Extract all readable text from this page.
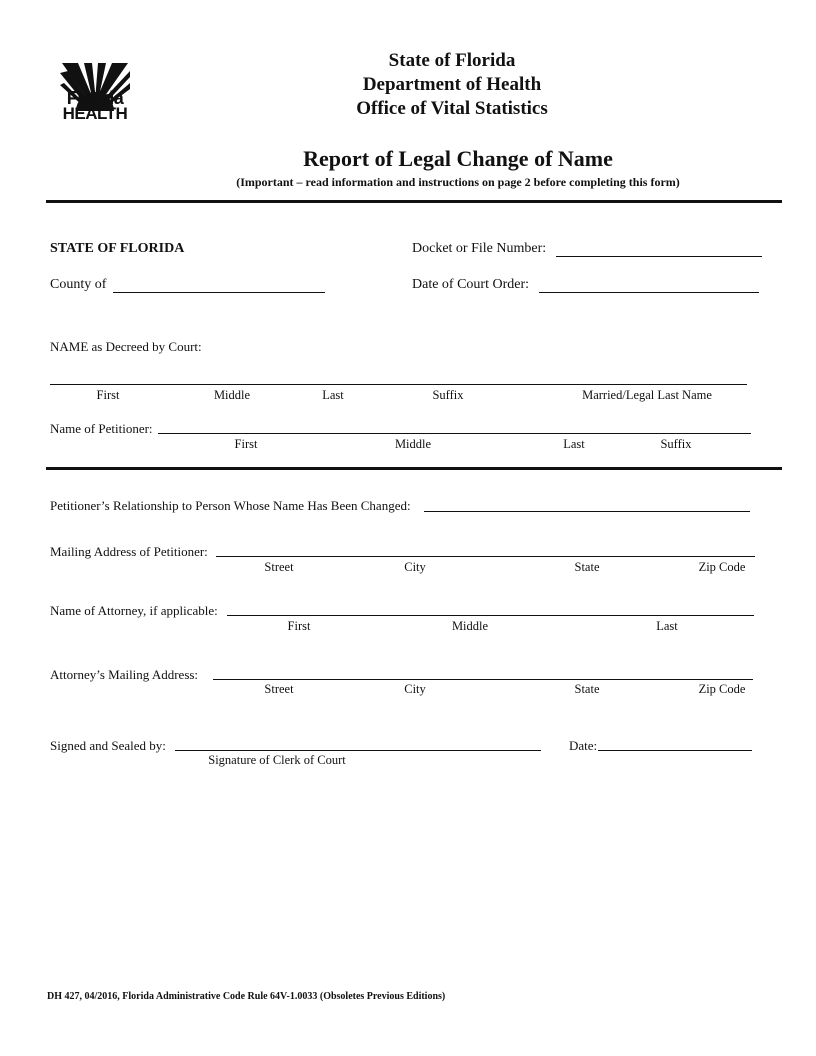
Florida
HEALTH
State of Florida
Department of Health
Office of Vital Statistics
Report of Legal Change of Name
(Important – read information and instructions on page 2 before completing this form)
STATE OF FLORIDA	Docket or File Number:
County of	Date of Court Order:
NAME as Decreed by Court:
First	Middle	Last	Suffix	Married/Legal Last Name
Name of Petitioner:
First	Middle	Last	Suffix
Petitioner’s Relationship to Person Whose Name Has Been Changed:
Mailing Address of Petitioner:
Street	City	State	Zip Code
Name of Attorney, if applicable:
First	Middle	Last
Attorney’s Mailing Address:
Street	City	State	Zip Code
Signed and Sealed by:
Signature of Clerk of Court
Date:
DH 427, 04/2016, Florida Administrative Code Rule 64V-1.0033 (Obsoletes Previous Editions)
